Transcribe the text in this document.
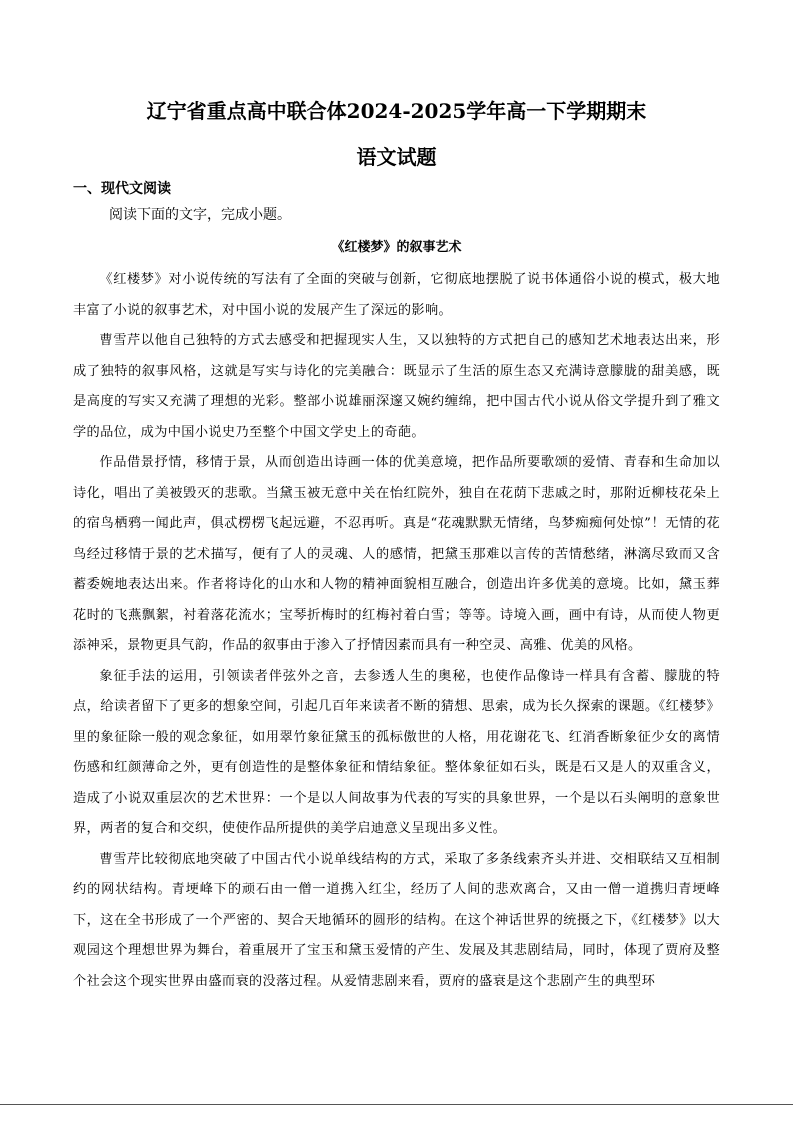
辽宁省重点高中联合体2024-2025学年高一下学期期末
语文试题

一、现代文阅读

阅读下面的文字，完成小题。

《红楼梦》的叙事艺术

《红楼梦》对小说传统的写法有了全面的突破与创新，它彻底地摆脱了说书体通俗小说的模式，极大地丰富了小说的叙事艺术，对中国小说的发展产生了深远的影响。

曹雪芹以他自己独特的方式去感受和把握现实人生，又以独特的方式把自己的感知艺术地表达出来，形成了独特的叙事风格，这就是写实与诗化的完美融合：既显示了生活的原生态又充满诗意朦胧的甜美感，既是高度的写实又充满了理想的光彩。整部小说雄丽深邃又婉约缠绵，把中国古代小说从俗文学提升到了雅文学的品位，成为中国小说史乃至整个中国文学史上的奇葩。

作品借景抒情，移情于景，从而创造出诗画一体的优美意境，把作品所要歌颂的爱情、青春和生命加以诗化，唱出了美被毁灭的悲歌。当黛玉被无意中关在怡红院外，独自在花荫下悲戚之时，那附近柳枝花朵上的宿鸟栖鸦一闻此声，俱忒楞楞飞起远避，不忍再听。真是“花魂默默无情绪，鸟梦痴痴何处惊”！无情的花鸟经过移情于景的艺术描写，便有了人的灵魂、人的感情，把黛玉那难以言传的苦情愁绪，淋漓尽致而又含蓄委婉地表达出来。作者将诗化的山水和人物的精神面貌相互融合，创造出许多优美的意境。比如，黛玉葬花时的飞燕飘絮，衬着落花流水；宝琴折梅时的红梅衬着白雪；等等。诗境入画，画中有诗，从而使人物更添神采，景物更具气韵，作品的叙事由于渗入了抒情因素而具有一种空灵、高雅、优美的风格。

象征手法的运用，引领读者伴弦外之音，去参透人生的奥秘，也使作品像诗一样具有含蓄、朦胧的特点，给读者留下了更多的想象空间，引起几百年来读者不断的猜想、思索，成为长久探索的课题。《红楼梦》里的象征除一般的观念象征，如用翠竹象征黛玉的孤标傲世的人格，用花谢花飞、红消香断象征少女的离情伤感和红颜薄命之外，更有创造性的是整体象征和情结象征。整体象征如石头，既是石又是人的双重含义，造成了小说双重层次的艺术世界：一个是以人间故事为代表的写实的具象世界，一个是以石头阐明的意象世界，两者的复合和交织，使使作品所提供的美学启迪意义呈现出多义性。

曹雪芹比较彻底地突破了中国古代小说单线结构的方式，采取了多条线索齐头并进、交相联结又互相制约的网状结构。青埂峰下的顽石由一僧一道携入红尘，经历了人间的悲欢离合，又由一僧一道携归青埂峰下，这在全书形成了一个严密的、契合天地循环的圆形的结构。在这个神话世界的统摄之下，《红楼梦》以大观园这个理想世界为舞台，着重展开了宝玉和黛玉爱情的产生、发展及其悲剧结局，同时，体现了贾府及整个社会这个现实世界由盛而衰的没落过程。从爱情悲剧来看，贾府的盛衰是这个悲剧产生的典型环
